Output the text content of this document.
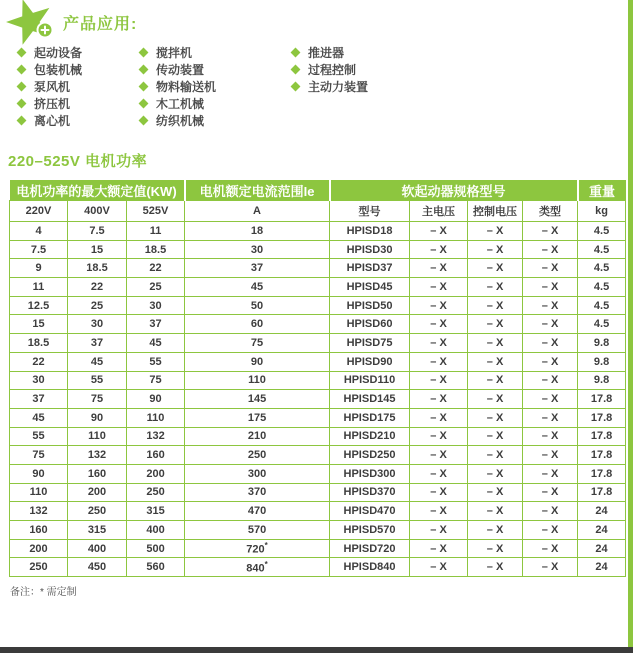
产品应用:
起动设备
包装机械
泵风机
挤压机
离心机
搅拌机
传动装置
物料输送机
木工机械
纺织机械
推进器
过程控制
主动力装置
220–525V 电机功率
电机功率的最大额定值(KW)			电机额定电流范围Ie	软起动器规格型号				重量
220V	400V	525V	A	型号	主电压	控制电压	类型	kg
4	7.5	11	18	HPISD18	– X	– X	– X	4.5
7.5	15	18.5	30	HPISD30	– X	– X	– X	4.5
9	18.5	22	37	HPISD37	– X	– X	– X	4.5
11	22	25	45	HPISD45	– X	– X	– X	4.5
12.5	25	30	50	HPISD50	– X	– X	– X	4.5
15	30	37	60	HPISD60	– X	– X	– X	4.5
18.5	37	45	75	HPISD75	– X	– X	– X	9.8
22	45	55	90	HPISD90	– X	– X	– X	9.8
30	55	75	110	HPISD110	– X	– X	– X	9.8
37	75	90	145	HPISD145	– X	– X	– X	17.8
45	90	110	175	HPISD175	– X	– X	– X	17.8
55	110	132	210	HPISD210	– X	– X	– X	17.8
75	132	160	250	HPISD250	– X	– X	– X	17.8
90	160	200	300	HPISD300	– X	– X	– X	17.8
110	200	250	370	HPISD370	– X	– X	– X	17.8
132	250	315	470	HPISD470	– X	– X	– X	24
160	315	400	570	HPISD570	– X	– X	– X	24
200	400	500	720*	HPISD720	– X	– X	– X	24
250	450	560	840*	HPISD840	– X	– X	– X	24
备注：* 需定制
